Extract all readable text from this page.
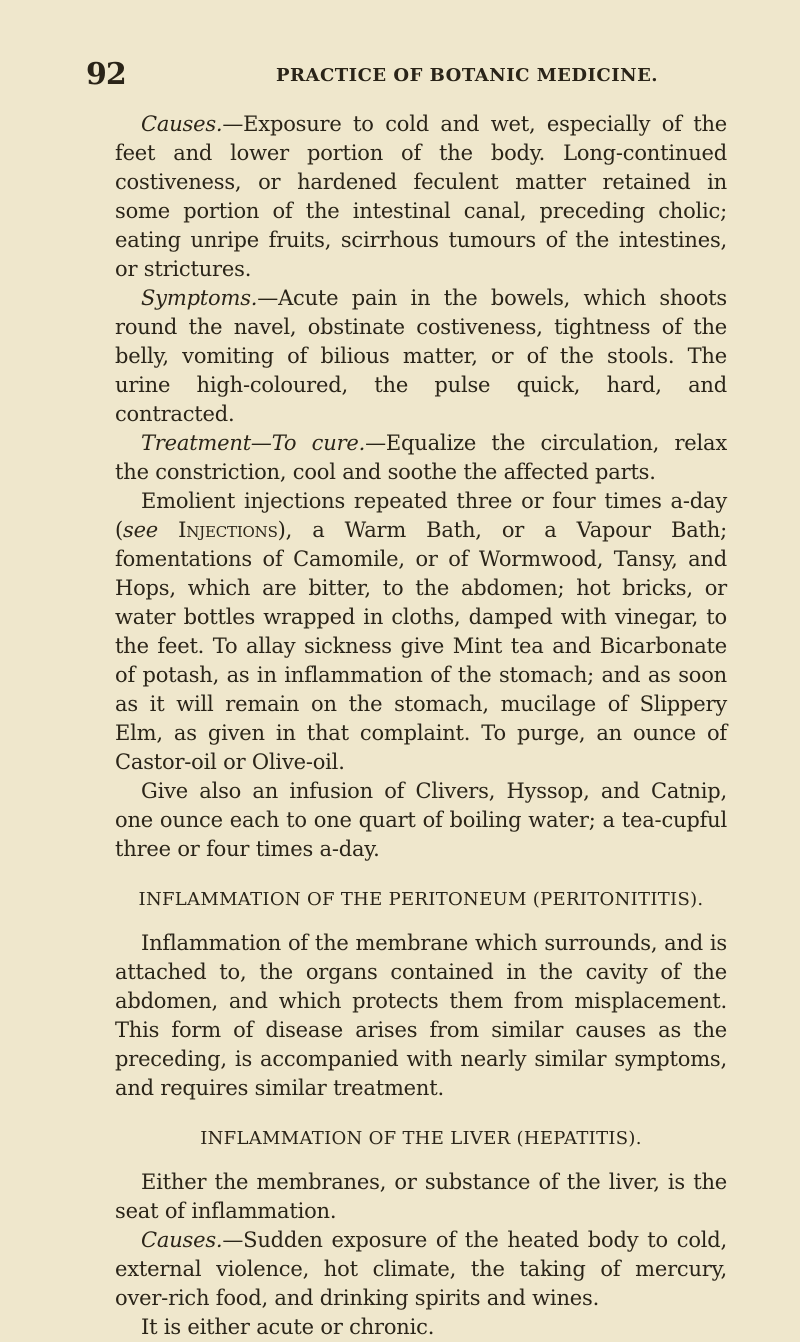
92	PRACTICE OF BOTANIC MEDICINE.

Causes.—Exposure to cold and wet, especially of the feet and lower portion of the body. Long-continued costiveness, or hardened feculent matter retained in some portion of the intestinal canal, preceding cholic; eating unripe fruits, scirrhous tumours of the intestines, or strictures.

Symptoms.—Acute pain in the bowels, which shoots round the navel, obstinate costiveness, tightness of the belly, vomiting of bilious matter, or of the stools. The urine high-coloured, the pulse quick, hard, and contracted.

Treatment—To cure.—Equalize the circulation, relax the constriction, cool and soothe the affected parts.

Emolient injections repeated three or four times a-day (see Injections), a Warm Bath, or a Vapour Bath; fomentations of Camomile, or of Wormwood, Tansy, and Hops, which are bitter, to the abdomen; hot bricks, or water bottles wrapped in cloths, damped with vinegar, to the feet. To allay sickness give Mint tea and Bicarbonate of potash, as in inflammation of the stomach; and as soon as it will remain on the stomach, mucilage of Slippery Elm, as given in that complaint. To purge, an ounce of Castor-oil or Olive-oil.

Give also an infusion of Clivers, Hyssop, and Catnip, one ounce each to one quart of boiling water; a tea-cupful three or four times a-day.

INFLAMMATION OF THE PERITONEUM (PERITONITITIS).

Inflammation of the membrane which surrounds, and is attached to, the organs contained in the cavity of the abdomen, and which protects them from misplacement. This form of disease arises from similar causes as the preceding, is accompanied with nearly similar symptoms, and requires similar treatment.

INFLAMMATION OF THE LIVER (HEPATITIS).

Either the membranes, or substance of the liver, is the seat of inflammation.

Causes.—Sudden exposure of the heated body to cold, external violence, hot climate, the taking of mercury, over-rich food, and drinking spirits and wines.

It is either acute or chronic.
